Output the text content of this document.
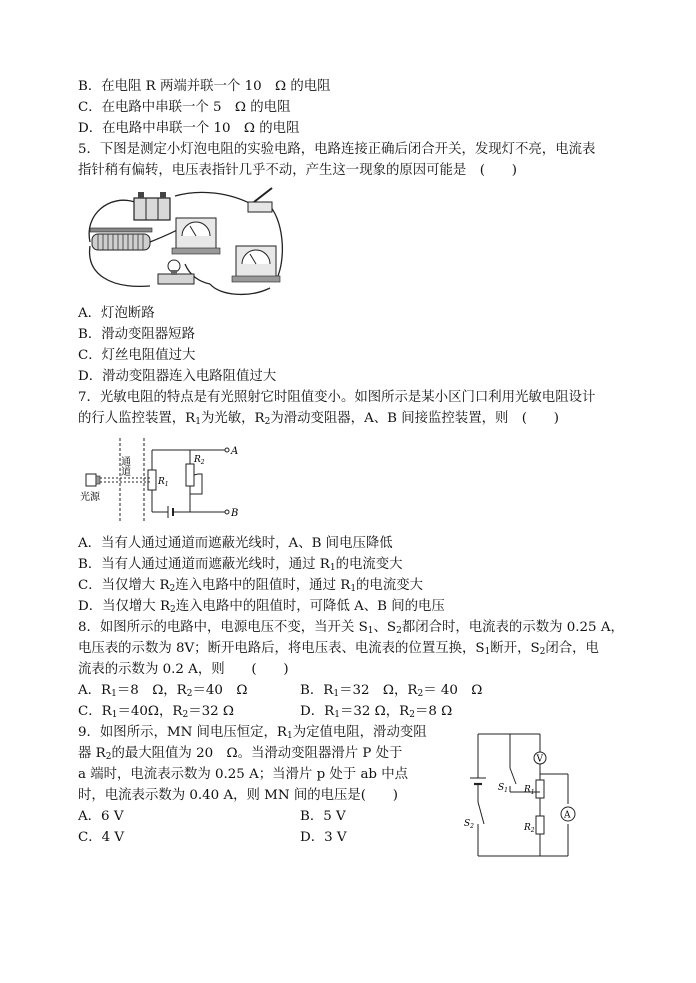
B．在电阻 R 两端并联一个 10　Ω 的电阻
C．在电路中串联一个 5　Ω 的电阻
D．在电路中串联一个 10　Ω 的电阻
5．下图是测定小灯泡电阻的实验电路，电路连接正确后闭合开关，发现灯不亮，电流表
指针稍有偏转，电压表指针几乎不动，产生这一现象的原因可能是　(　　)
A．灯泡断路
B．滑动变阻器短路
C．灯丝电阻值过大
D．滑动变阻器连入电路阻值过大
7．光敏电阻的特点是有光照射它时阻值变小。如图所示是某小区门口利用光敏电阻设计
的行人监控装置，$R_1$为光敏，$R_2$为滑动变阻器，A、B 间接监控装置，则　(　　)
通道
光源
$R_1$
$R_2$
A
B
A．当有人通过通道而遮蔽光线时，A、B 间电压降低
B．当有人通过通道而遮蔽光线时，通过 $R_1$的电流变大
C．当仅增大 $R_2$连入电路中的阻值时，通过 $R_1$的电流变大
D．当仅增大 $R_2$连入电路中的阻值时，可降低 A、B 间的电压
8．如图所示的电路中，电源电压不变，当开关 $S_1$、$S_2$都闭合时，电流表的示数为 0.25 A，
电压表的示数为 8V；断开电路后，将电压表、电流表的位置互换，$S_1$断开，$S_2$闭合，电
流表的示数为 0.2 A，则　　(　　)
A．$R_1=8$　Ω，$R_2=40$　Ω	B．$R_1=32$　Ω，$R_2= 40$　Ω
C．$R_1=40\Omega$，$R_2=32$ Ω	D．$R_1=32$ Ω，$R_2=8$ Ω
9．如图所示，MN 间电压恒定，$R_1$为定值电阻，滑动变阻
器 $R_2$的最大阻值为 20　Ω。当滑动变阻器滑片 P 处于
a 端时，电流表示数为 0.25 A；当滑片 p 处于 ab 中点
时，电流表示数为 0.40 A，则 MN 间的电压是(　　)
A．6 V	B．5 V
C．4 V	D．3 V
V
A
$S_1$
$S_2$
$R_1$
$R_2$
